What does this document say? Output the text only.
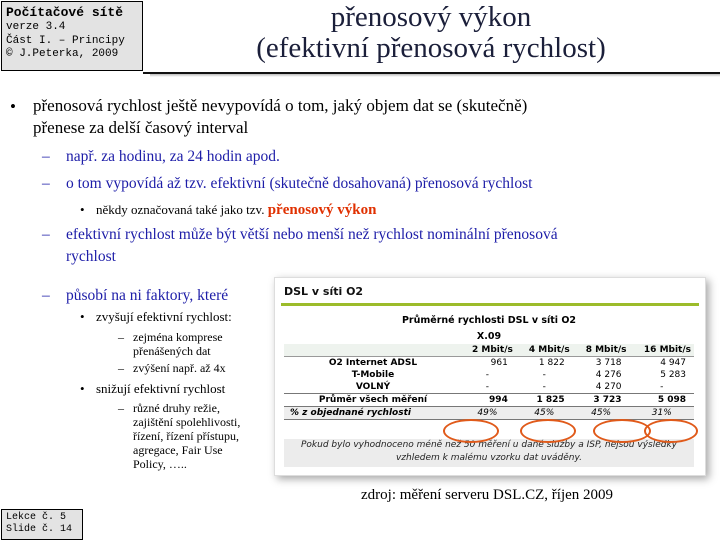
Počítačové sítě
verze 3.4
Část I. – Principy
© J.Peterka, 2009
přenosový výkon
(efektivní přenosová rychlost)
• přenosová rychlost ještě nevypovídá o tom, jaký objem dat se (skutečně)
přenese za delší časový interval
– např. za hodinu, za 24 hodin apod.
– o tom vypovídá až tzv. efektivní (skutečně dosahovaná) přenosová rychlost
• někdy označovaná také jako tzv. přenosový výkon
– efektivní rychlost může být větší nebo menší než rychlost nominální přenosová
rychlost
– působí na ni faktory, které
• zvyšují efektivní rychlost:
– zejména komprese
přenášených dat
– zvýšení např. až 4x
• snižují efektivní rychlost
– různé druhy režie,
zajištění spolehlivosti,
řízení, řízení přístupu,
agregace, Fair Use
Policy, …..
DSL v síti O2
Průměrné rychlosti DSL v síti O2				
X.09				
	2 Mbit/s	4 Mbit/s	8 Mbit/s	16 Mbit/s
O2 Internet ADSL	961	1 822	3 718	4 947
T-Mobile	-	-	4 276	5 283
VOLNÝ	-	-	4 270	-
Průměr všech měření	994	1 825	3 723	5 098
% z objednané rychlosti	49%	45%	45%	31%
Pokud bylo vyhodnoceno méně než 50 měření u dané služby a ISP, nejsou výsledky
vzhledem k malému vzorku dat uváděny.
zdroj: měření serveru DSL.CZ, říjen 2009
Lekce č. 5
Slide č. 14
